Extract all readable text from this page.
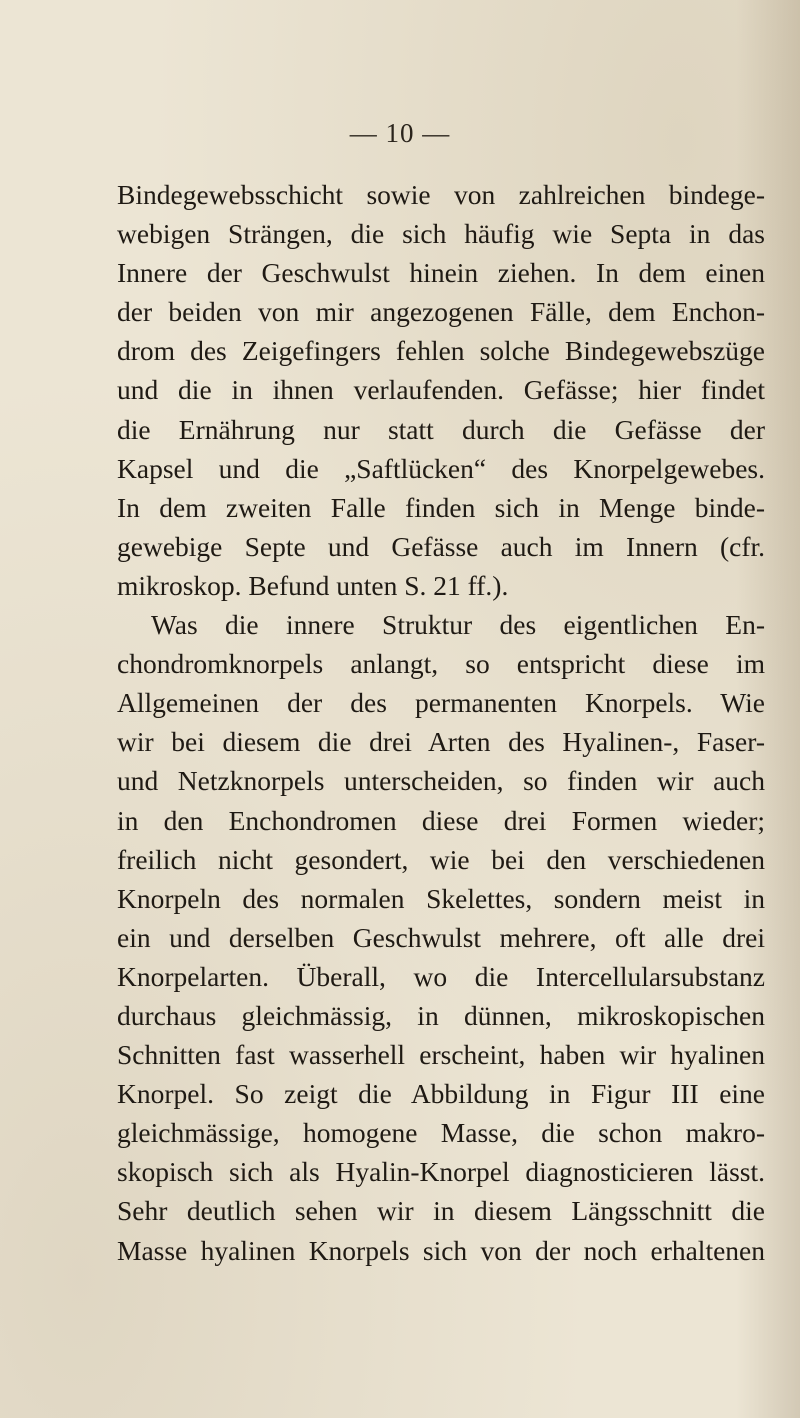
— 10 —
Bindegewebsschicht sowie von zahlreichen bindege-
webigen Strängen, die sich häufig wie Septa in das
Innere der Geschwulst hinein ziehen. In dem einen
der beiden von mir angezogenen Fälle, dem Enchon-
drom des Zeigefingers fehlen solche Bindegewebszüge
und die in ihnen verlaufenden. Gefässe; hier findet
die Ernährung nur statt durch die Gefässe der
Kapsel und die „Saftlücken“ des Knorpelgewebes.
In dem zweiten Falle finden sich in Menge binde-
gewebige Septe und Gefässe auch im Innern (cfr.
mikroskop. Befund unten S. 21 ff.).
Was die innere Struktur des eigentlichen En-
chondromknorpels anlangt, so entspricht diese im
Allgemeinen der des permanenten Knorpels. Wie
wir bei diesem die drei Arten des Hyalinen-, Faser-
und Netzknorpels unterscheiden, so finden wir auch
in den Enchondromen diese drei Formen wieder;
freilich nicht gesondert, wie bei den verschiedenen
Knorpeln des normalen Skelettes, sondern meist in
ein und derselben Geschwulst mehrere, oft alle drei
Knorpelarten. Überall, wo die Intercellularsubstanz
durchaus gleichmässig, in dünnen, mikroskopischen
Schnitten fast wasserhell erscheint, haben wir hyalinen
Knorpel. So zeigt die Abbildung in Figur III eine
gleichmässige, homogene Masse, die schon makro-
skopisch sich als Hyalin-Knorpel diagnosticieren lässt.
Sehr deutlich sehen wir in diesem Längsschnitt die
Masse hyalinen Knorpels sich von der noch erhaltenen
